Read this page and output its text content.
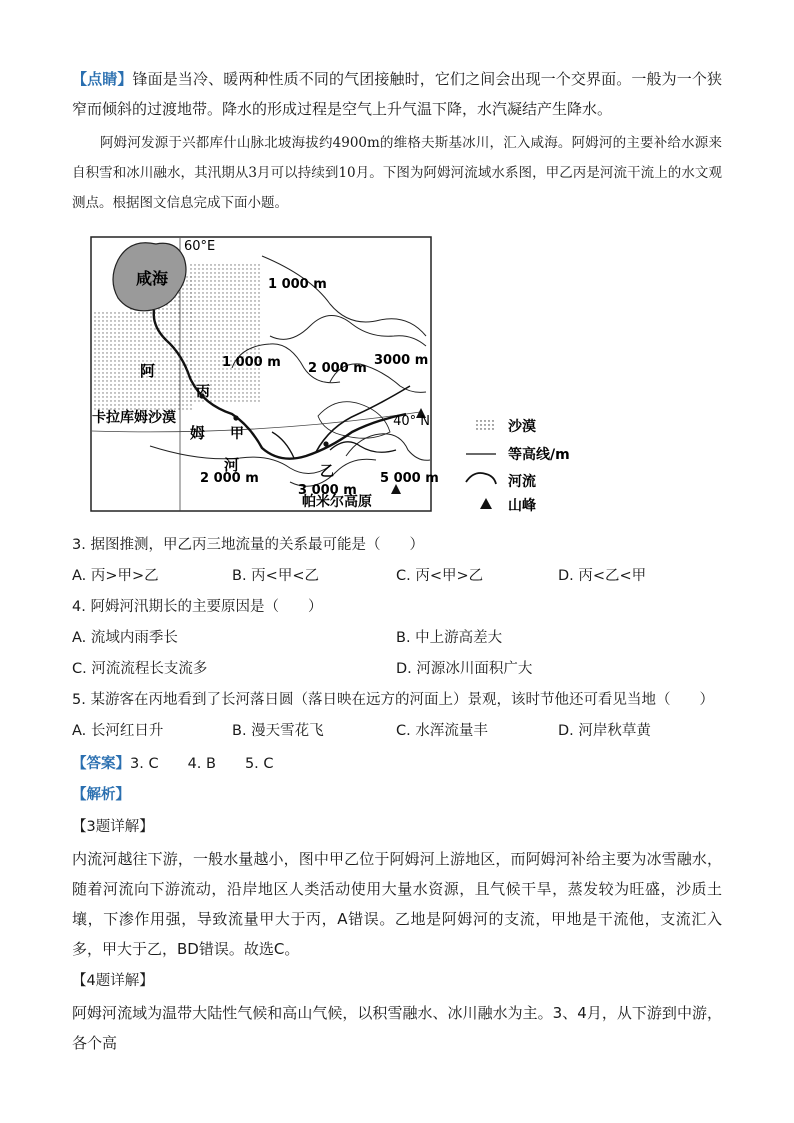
【点睛】锋面是当冷、暖两种性质不同的气团接触时，它们之间会出现一个交界面。一般为一个狭窄而倾斜的过渡地带。降水的形成过程是空气上升气温下降，水汽凝结产生降水。
阿姆河发源于兴都库什山脉北坡海拔约4900m的维格夫斯基冰川，汇入咸海。阿姆河的主要补给水源来自积雪和冰川融水，其汛期从3月可以持续到10月。下图为阿姆河流域水系图，甲乙丙是河流干流上的水文观测点。根据图文信息完成下面小题。
60°E
咸海
卡拉库姆沙漠
阿
姆
河
甲
乙
丙
帕米尔高原
40° N
1 000 m
1 000 m 2 000 m
3000 m
2 000 m
3 000 m
5 000 m
沙漠
等高线/m
河流
山峰
3. 据图推测，甲乙丙三地流量的关系最可能是（　　）
A. 丙>甲>乙	B. 丙<甲<乙	C. 丙<甲>乙	D. 丙<乙<甲
4. 阿姆河汛期长的主要原因是（　　）
A. 流域内雨季长	B. 中上游高差大
C. 河流流程长支流多	D. 河源冰川面积广大
5. 某游客在丙地看到了长河落日圆（落日映在远方的河面上）景观，该时节他还可看见当地（　　）
A. 长河红日升	B. 漫天雪花飞	C. 水浑流量丰	D. 河岸秋草黄
【答案】3. C　　4. B　　5. C
【解析】
【3题详解】
内流河越往下游，一般水量越小，图中甲乙位于阿姆河上游地区，而阿姆河补给主要为冰雪融水，随着河流向下游流动，沿岸地区人类活动使用大量水资源，且气候干旱，蒸发较为旺盛，沙质土壤，下渗作用强，导致流量甲大于丙，A错误。乙地是阿姆河的支流，甲地是干流他，支流汇入多，甲大于乙，BD错误。故选C。
【4题详解】
阿姆河流域为温带大陆性气候和高山气候，以积雪融水、冰川融水为主。3、4月，从下游到中游，各个高
